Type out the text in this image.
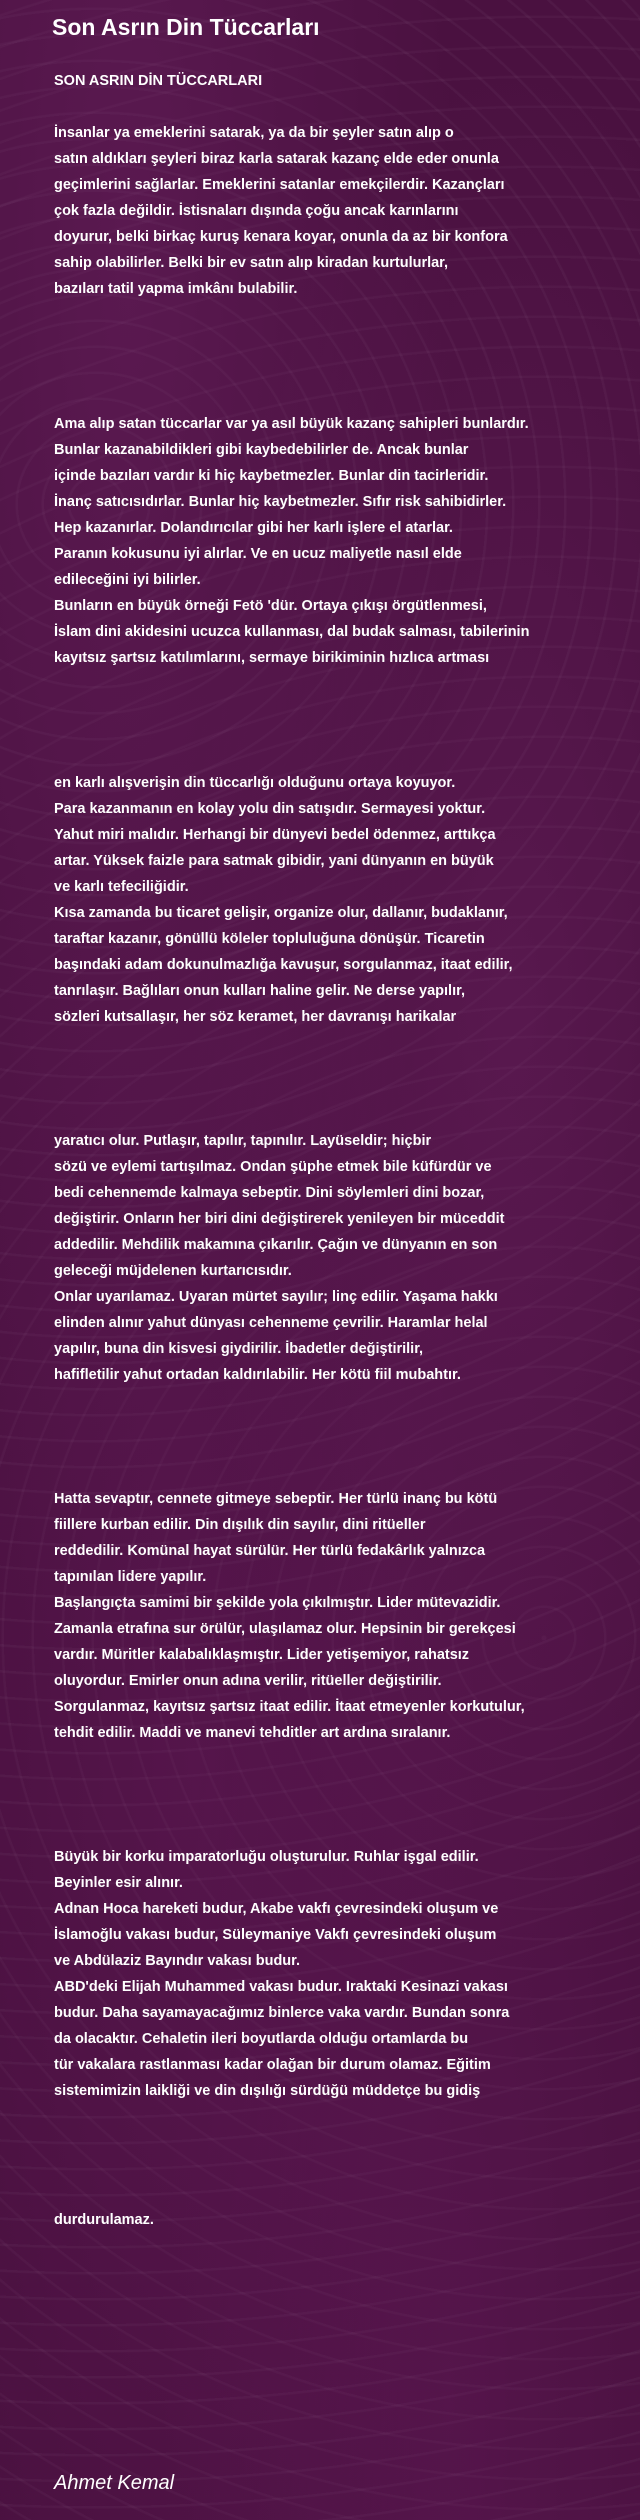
Son Asrın Din Tüccarları
SON ASRIN DİN TÜCCARLARI

İnsanlar ya emeklerini satarak, ya da bir şeyler satın alıp o
satın aldıkları şeyleri biraz karla satarak kazanç elde eder onunla
geçimlerini sağlarlar. Emeklerini satanlar emekçilerdir. Kazançları
çok fazla değildir. İstisnaları dışında çoğu ancak karınlarını
doyurur, belki birkaç kuruş kenara koyar, onunla da az bir konfora
sahip olabilirler. Belki bir ev satın alıp kiradan kurtulurlar,
bazıları tatil yapma imkânı bulabilir.
Ama alıp satan tüccarlar var ya asıl büyük kazanç sahipleri bunlardır.
Bunlar kazanabildikleri gibi kaybedebilirler de. Ancak bunlar
içinde bazıları vardır ki hiç kaybetmezler. Bunlar din tacirleridir.
İnanç satıcısıdırlar. Bunlar hiç kaybetmezler. Sıfır risk sahibidirler.
Hep kazanırlar. Dolandırıcılar gibi her karlı işlere el atarlar.
Paranın kokusunu iyi alırlar. Ve en ucuz maliyetle nasıl elde
edileceğini iyi bilirler.
Bunların en büyük örneği Fetö 'dür. Ortaya çıkışı örgütlenmesi,
İslam dini akidesini ucuzca kullanması, dal budak salması, tabilerinin
kayıtsız şartsız katılımlarını, sermaye birikiminin hızlıca artması
en karlı alışverişin din tüccarlığı olduğunu ortaya koyuyor.
Para kazanmanın en kolay yolu din satışıdır. Sermayesi yoktur.
Yahut miri malıdır. Herhangi bir dünyevi bedel ödenmez, arttıkça
artar. Yüksek faizle para satmak gibidir, yani dünyanın en büyük
ve karlı tefeciliğidir.
Kısa zamanda bu ticaret gelişir, organize olur, dallanır, budaklanır,
taraftar kazanır, gönüllü köleler topluluğuna dönüşür. Ticaretin
başındaki adam dokunulmazlığa kavuşur, sorgulanmaz, itaat edilir,
tanrılaşır. Bağlıları onun kulları haline gelir. Ne derse yapılır,
sözleri kutsallaşır, her söz keramet, her davranışı harikalar
yaratıcı olur. Putlaşır, tapılır, tapınılır. Layüseldir; hiçbir
sözü ve eylemi tartışılmaz. Ondan şüphe etmek bile küfürdür ve
bedi cehennemde kalmaya sebeptir. Dini söylemleri dini bozar,
değiştirir. Onların her biri dini değiştirerek yenileyen bir müceddit
addedilir. Mehdilik makamına çıkarılır. Çağın ve dünyanın en son
geleceği müjdelenen kurtarıcısıdır.
Onlar uyarılamaz. Uyaran mürtet sayılır; linç edilir. Yaşama hakkı
elinden alınır yahut dünyası cehenneme çevrilir. Haramlar helal
yapılır, buna din kisvesi giydirilir. İbadetler değiştirilir,
hafifletilir yahut ortadan kaldırılabilir. Her kötü fiil mubahtır.
Hatta sevaptır, cennete gitmeye sebeptir. Her türlü inanç bu kötü
fiillere kurban edilir. Din dışılık din sayılır, dini ritüeller
reddedilir. Komünal hayat sürülür. Her türlü fedakârlık yalnızca
tapınılan lidere yapılır.
Başlangıçta samimi bir şekilde yola çıkılmıştır. Lider mütevazidir.
Zamanla etrafına sur örülür, ulaşılamaz olur. Hepsinin bir gerekçesi
vardır. Müritler kalabalıklaşmıştır. Lider yetişemiyor, rahatsız
oluyordur. Emirler onun adına verilir, ritüeller değiştirilir.
Sorgulanmaz, kayıtsız şartsız itaat edilir. İtaat etmeyenler korkutulur,
tehdit edilir. Maddi ve manevi tehditler art ardına sıralanır.
Büyük bir korku imparatorluğu oluşturulur. Ruhlar işgal edilir.
Beyinler esir alınır.
Adnan Hoca hareketi budur, Akabe vakfı çevresindeki oluşum ve
İslamoğlu vakası budur, Süleymaniye Vakfı çevresindeki oluşum
ve Abdülaziz Bayındır vakası budur.
ABD'deki Elijah Muhammed vakası budur. Iraktaki Kesinazi vakası
budur. Daha sayamayacağımız binlerce vaka vardır. Bundan sonra
da olacaktır. Cehaletin ileri boyutlarda olduğu ortamlarda bu
tür vakalara rastlanması kadar olağan bir durum olamaz. Eğitim
sistemimizin laikliği ve din dışılığı sürdüğü müddetçe bu gidiş
durdurulamaz.
Ahmet Kemal
